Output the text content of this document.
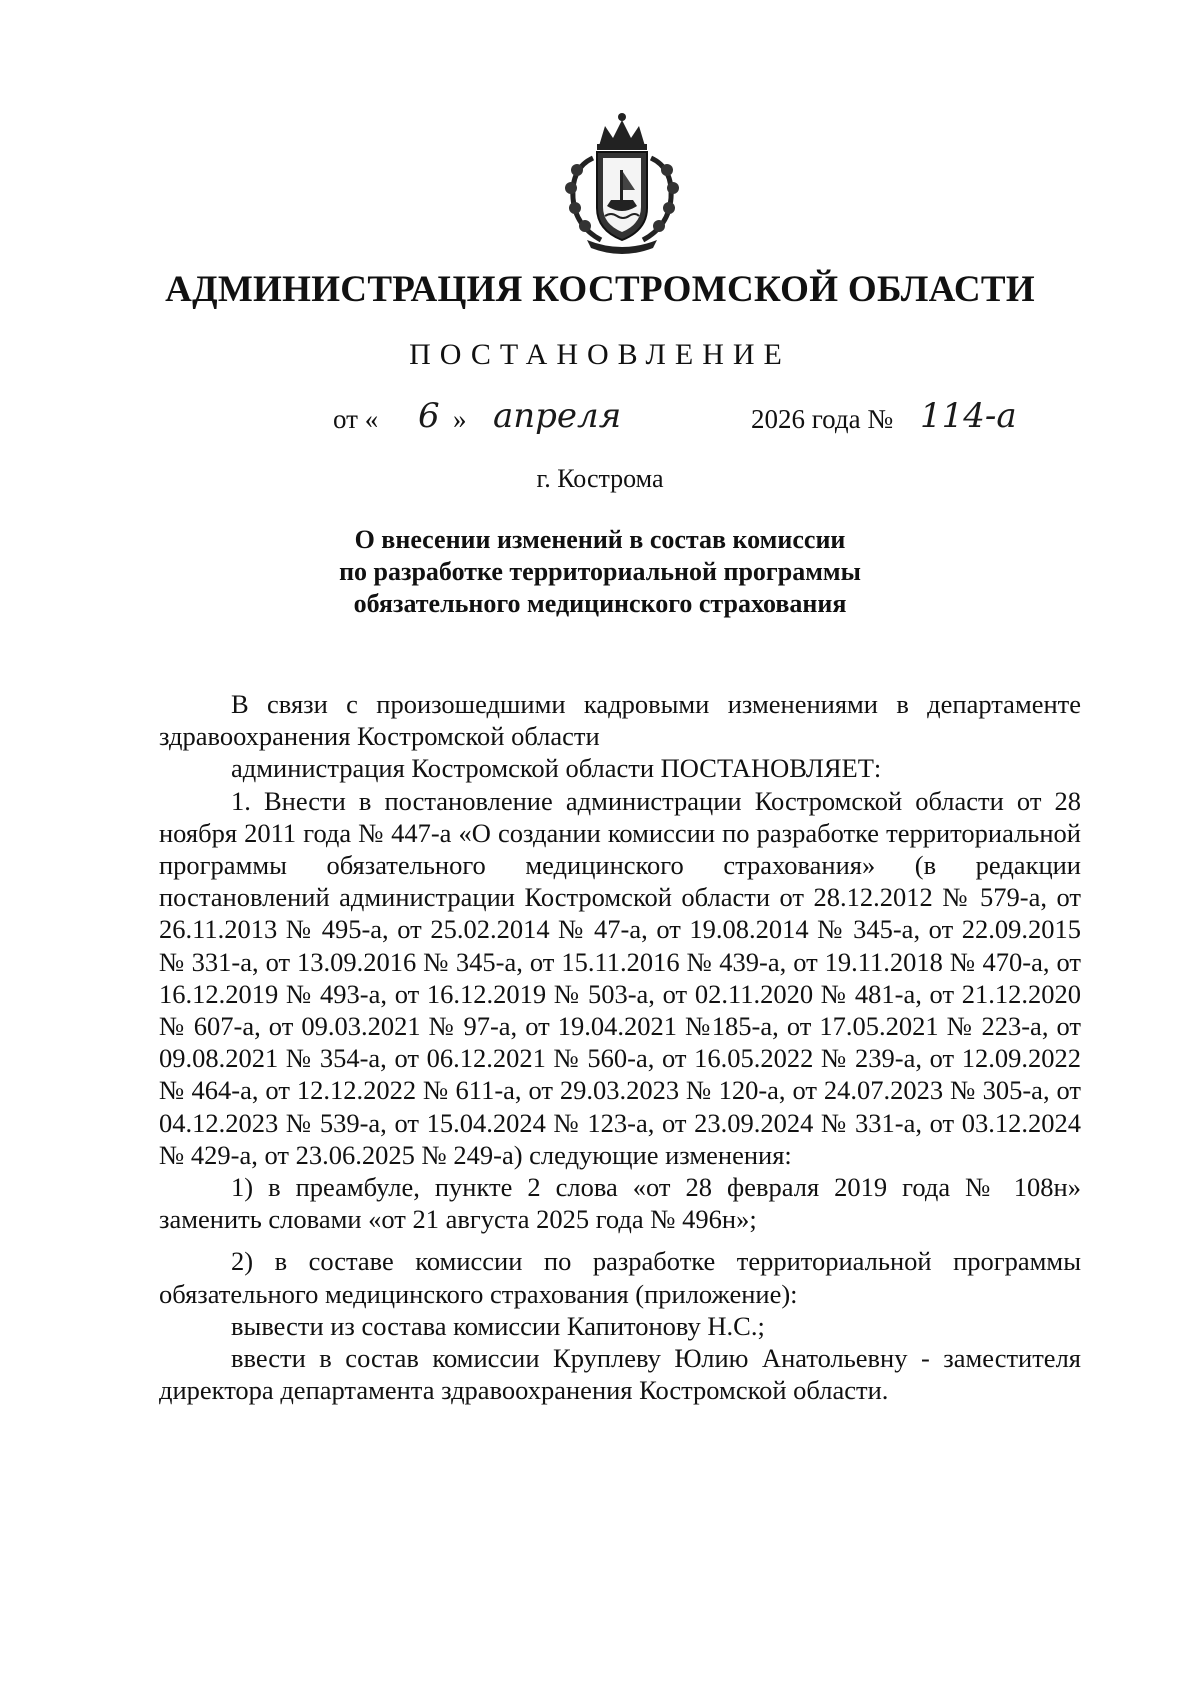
АДМИНИСТРАЦИЯ КОСТРОМСКОЙ ОБЛАСТИ
ПОСТАНОВЛЕНИЕ
от « 6 » апреля	2026 года № 114-а
г. Кострома
О внесении изменений в состав комиссии
по разработке территориальной программы
обязательного медицинского страхования

В связи с произошедшими кадровыми изменениями в департаменте здравоохранения Костромской области

администрация Костромской области ПОСТАНОВЛЯЕТ:

1. Внести в постановление администрации Костромской области от 28 ноября 2011 года № 447-а «О создании комиссии по разработке территориальной программы обязательного медицинского страхования» (в редакции постановлений администрации Костромской области от 28.12.2012 № 579-а, от 26.11.2013 № 495-а, от 25.02.2014 № 47-а, от 19.08.2014 № 345-а, от 22.09.2015 № 331-а, от 13.09.2016 № 345-а, от 15.11.2016 № 439-а, от 19.11.2018 № 470-а, от 16.12.2019 № 493-а, от 16.12.2019 № 503-а, от 02.11.2020 № 481-а, от 21.12.2020 № 607-а, от 09.03.2021 № 97-а, от 19.04.2021 №185-а, от 17.05.2021 № 223-а, от 09.08.2021 № 354-а, от 06.12.2021 № 560-а, от 16.05.2022 № 239-а, от 12.09.2022 № 464-а, от 12.12.2022 № 611-а, от 29.03.2023 № 120-а, от 24.07.2023 № 305-а, от 04.12.2023 № 539-а, от 15.04.2024 № 123-а, от 23.09.2024 № 331-а, от 03.12.2024 № 429-а, от 23.06.2025 № 249-а) следующие изменения:

1) в преамбуле, пункте 2 слова «от 28 февраля 2019 года № 108н» заменить словами «от 21 августа 2025 года № 496н»;

2) в составе комиссии по разработке территориальной программы обязательного медицинского страхования (приложение):

вывести из состава комиссии Капитонову Н.С.;

ввести в состав комиссии Круплеву Юлию Анатольевну - заместителя директора департамента здравоохранения Костромской области.
